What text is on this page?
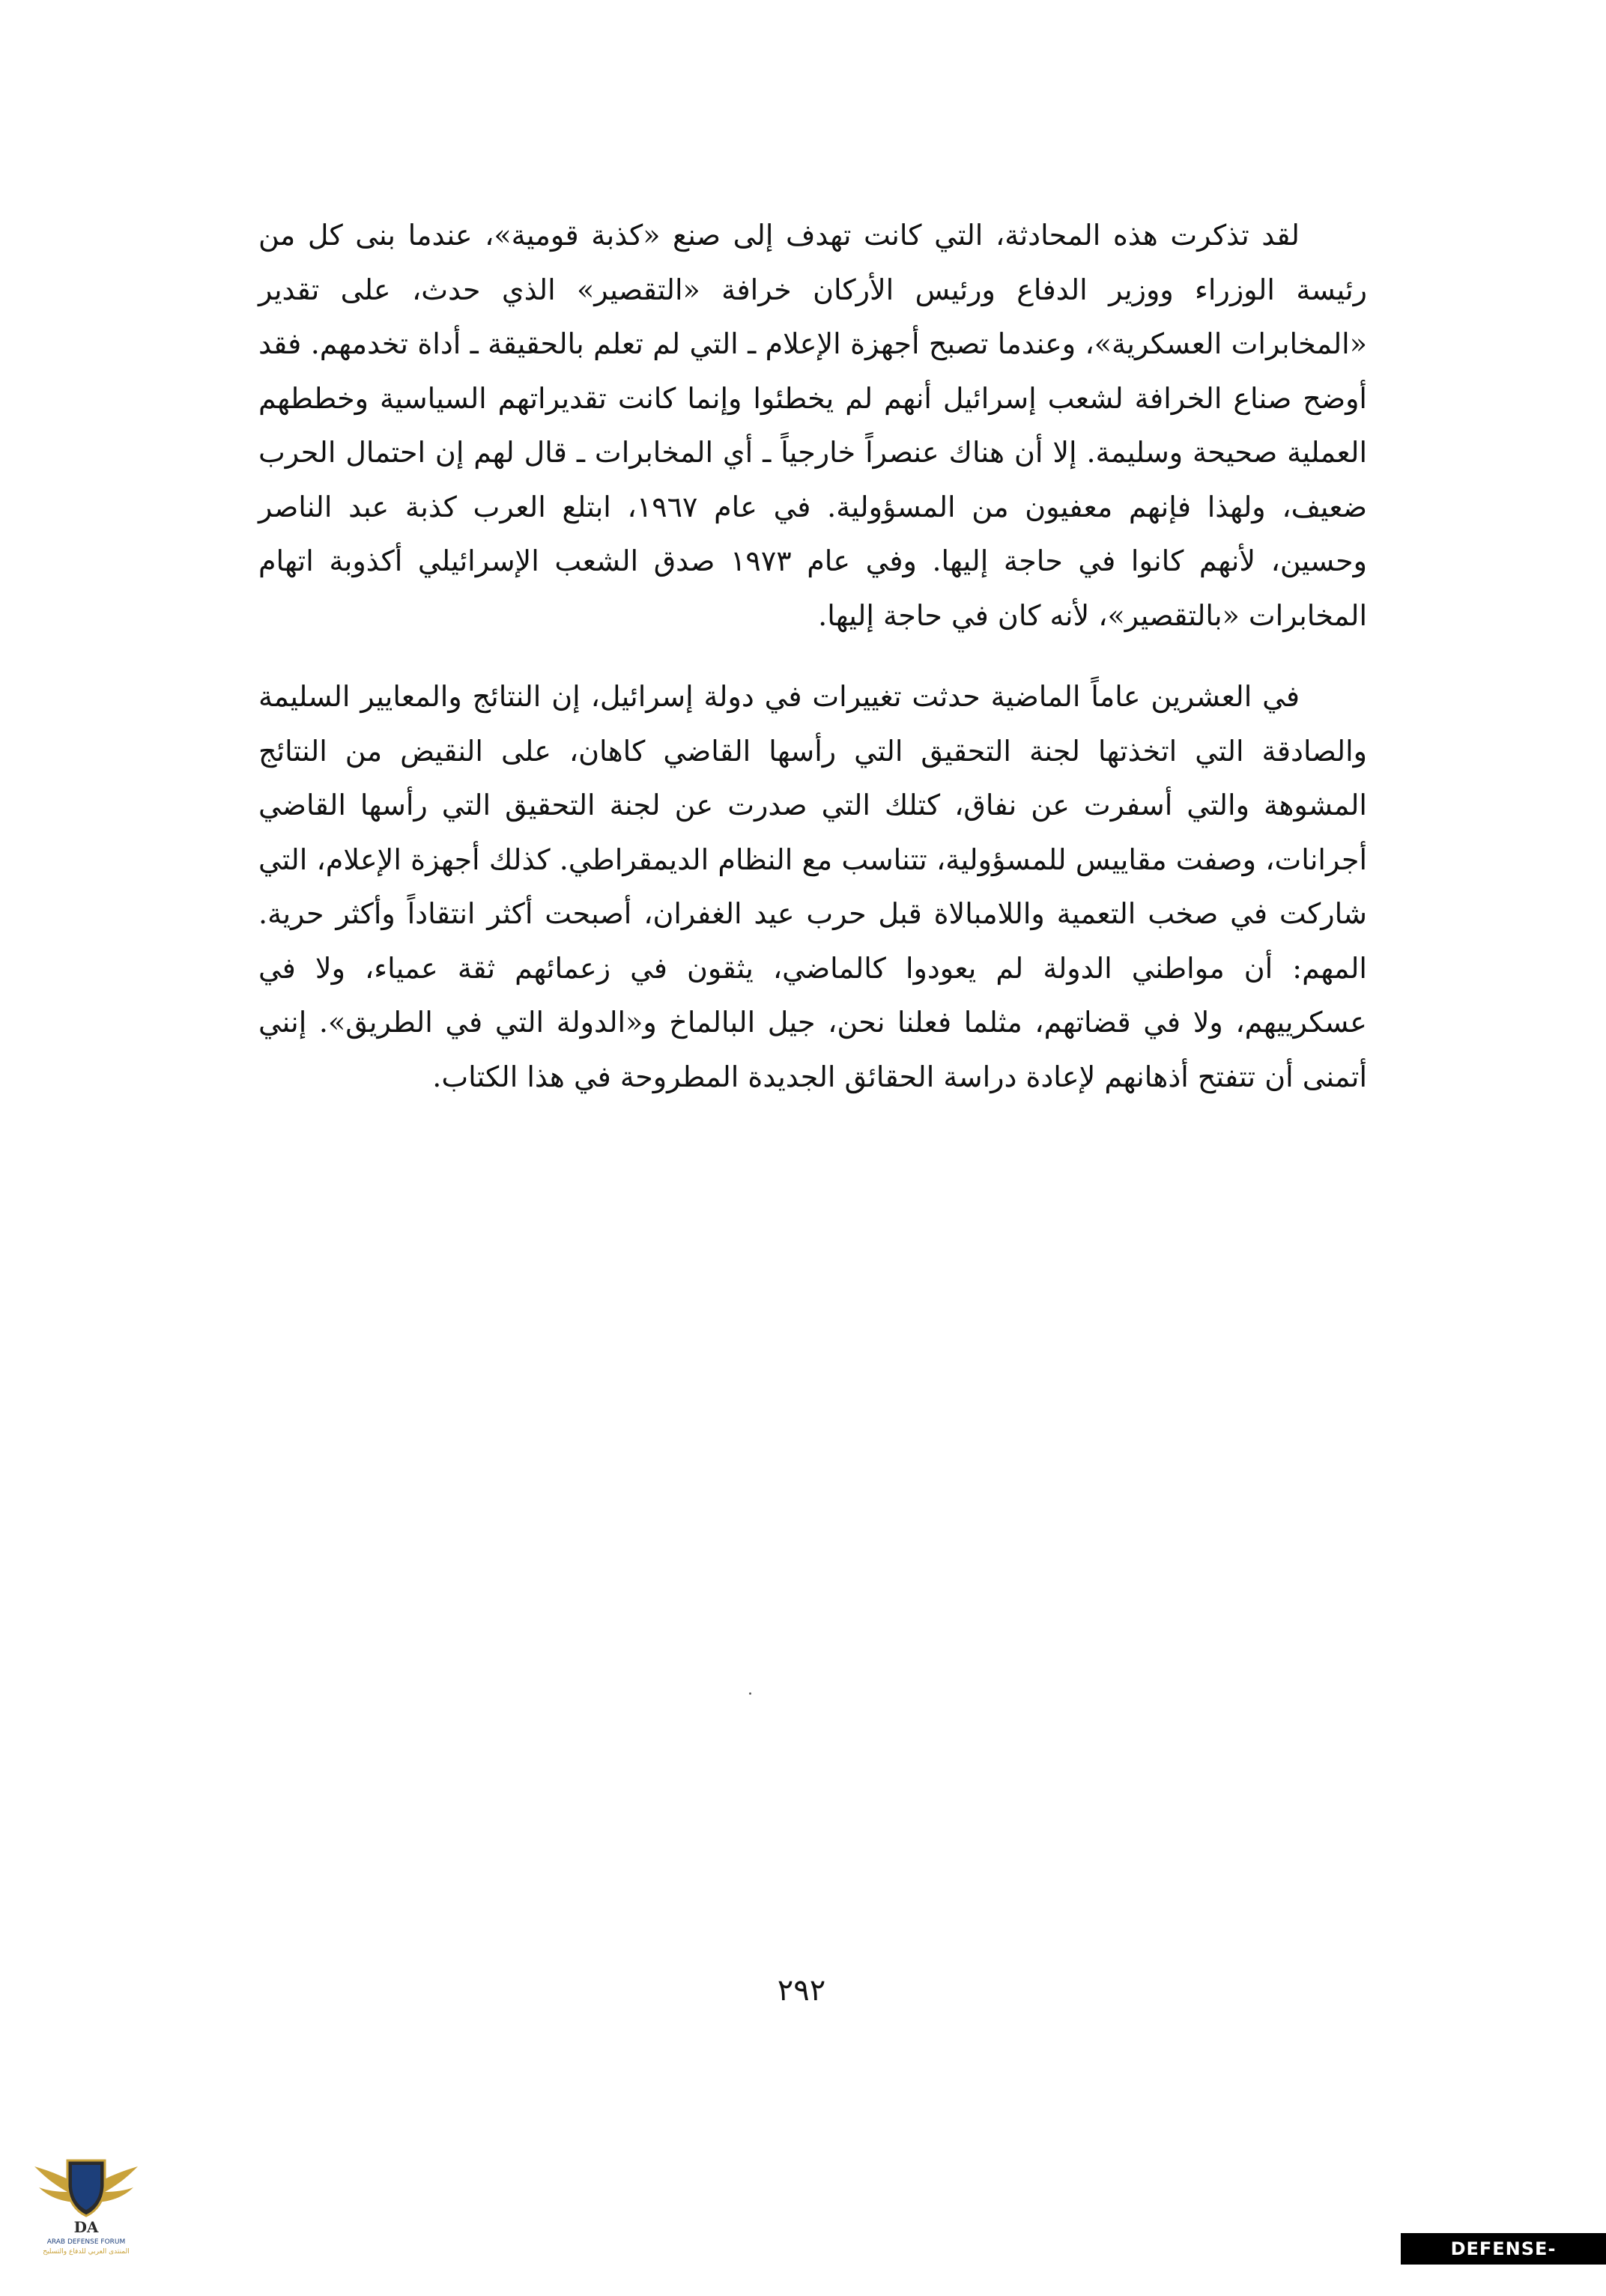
لقد تذكرت هذه المحادثة، التي كانت تهدف إلى صنع «كذبة قومية»، عندما بنى كل من رئيسة الوزراء ووزير الدفاع ورئيس الأركان خرافة «التقصير» الذي حدث، على تقدير «المخابرات العسكرية»، وعندما تصبح أجهزة الإعلام ـ التي لم تعلم بالحقيقة ـ أداة تخدمهم. فقد أوضح صناع الخرافة لشعب إسرائيل أنهم لم يخطئوا وإنما كانت تقديراتهم السياسية وخططهم العملية صحيحة وسليمة. إلا أن هناك عنصراً خارجياً ـ أي المخابرات ـ قال لهم إن احتمال الحرب ضعيف، ولهذا فإنهم معفيون من المسؤولية. في عام ١٩٦٧، ابتلع العرب كذبة عبد الناصر وحسين، لأنهم كانوا في حاجة إليها. وفي عام ١٩٧٣ صدق الشعب الإسرائيلي أكذوبة اتهام المخابرات «بالتقصير»، لأنه كان في حاجة إليها.

في العشرين عاماً الماضية حدثت تغييرات في دولة إسرائيل، إن النتائج والمعايير السليمة والصادقة التي اتخذتها لجنة التحقيق التي رأسها القاضي كاهان، على النقيض من النتائج المشوهة والتي أسفرت عن نفاق، كتلك التي صدرت عن لجنة التحقيق التي رأسها القاضي أجرانات، وصفت مقاييس للمسؤولية، تتناسب مع النظام الديمقراطي. كذلك أجهزة الإعلام، التي شاركت في صخب التعمية واللامبالاة قبل حرب عيد الغفران، أصبحت أكثر انتقاداً وأكثر حرية. المهم: أن مواطني الدولة لم يعودوا كالماضي، يثقون في زعمائهم ثقة عمياء، ولا في عسكرييهم، ولا في قضاتهم، مثلما فعلنا نحن، جيل البالماخ و«الدولة التي في الطريق». إنني أتمنى أن تتفتح أذهانهم لإعادة دراسة الحقائق الجديدة المطروحة في هذا الكتاب.

٢٩٢
DA
ARAB DEFENSE FORUM
المنتدى العربي للدفاع والتسليح	DEFENSE-ARAB.COM
